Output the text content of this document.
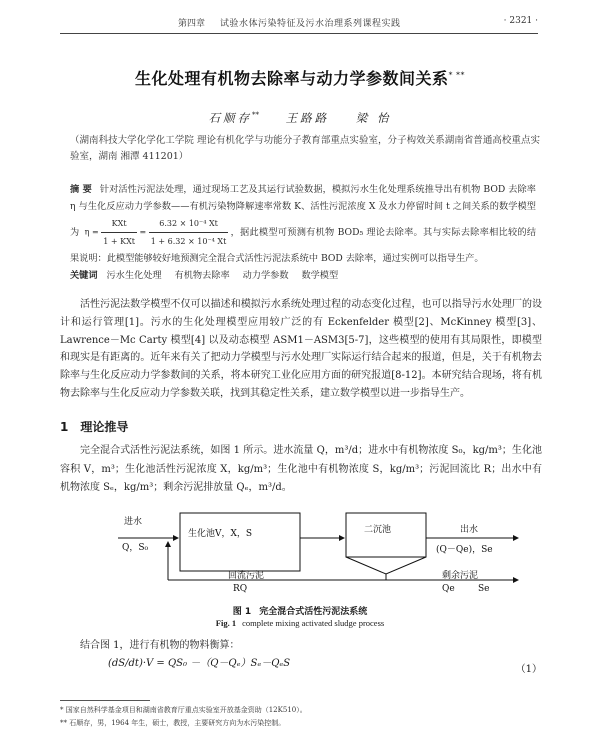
第四章 试验水体污染特征及污水治理系列课程实践	· 2321 ·
生化处理有机物去除率与动力学参数间关系* **
石顺存** 王路路 梁 怡
（湖南科技大学化学化工学院 理论有机化学与功能分子教育部重点实验室，分子构效关系湖南省普通高校重点实验室，湖南 湘潭 411201）

摘 要 针对活性污泥法处理，通过现场工艺及其运行试验数据，模拟污水生化处理系统推导出有机物 BOD 去除率 η 与生化反应动力学参数——有机污染物降解速率常数 K、活性污泥浓度 X 及水力停留时间 t 之间关系的数学模型为 $\eta = \frac{\text{KXt}}{\text{1 + KXt}} = \frac{\text{6.32 × 10⁻⁴ Xt}}{\text{1 + 6.32 × 10⁻⁴ Xt}}$ ，据此模型可预测有机物 BOD₅ 理论去除率。其与实际去除率相比较的结果说明：此模型能够较好地预测完全混合式活性污泥法系统中 BOD 去除率，通过实例可以指导生产。

关键词 污水生化处理 有机物去除率 动力学参数 数学模型

活性污泥法数学模型不仅可以描述和模拟污水系统处理过程的动态变化过程，也可以指导污水处理厂的设计和运行管理[1]。污水的生化处理模型应用较广泛的有 Eckenfelder 模型[2]、McKinney 模型[3]、Lawrence－Mc Carty 模型[4] 以及动态模型 ASM1－ASM3[5-7]，这些模型的使用有其局限性，即模型和现实是有距离的。近年来有关了把动力学模型与污水处理厂实际运行结合起来的报道，但是，关于有机物去除率与生化反应动力学参数间的关系，将本研究工业化应用方面的研究报道[8-12]。本研究结合现场，将有机物去除率与生化反应动力学参数关联，找到其稳定性关系，建立数学模型以进一步指导生产。

1 理论推导

完全混合式活性污泥法系统，如图 1 所示。进水流量 Q，m³/d；进水中有机物浓度 S₀，kg/m³；生化池容积 V，m³；生化池活性污泥浓度 X，kg/m³；生化池中有机物浓度 S，kg/m³；污泥回流比 R；出水中有机物浓度 Sₑ，kg/m³；剩余污泥排放量 Qₑ，m³/d。

进水
Q，S₀
生化池V，X，S	二沉池	出水
(Q－Qe)，Se
回流污泥
RQ
剩余污泥
Qe	Se
图 1 完全混合式活性污泥法系统
Fig. 1 complete mixing activated sludge process
结合图 1，进行有机物的物料衡算：
(dS/dt)·V = QS₀ －（Q－Qₑ）Sₑ－QₑS
（1）
* 国家自然科学基金项目和湖南省教育厅重点实验室开放基金资助（12K510）。
** 石顺存，男，1964 年生，硕士，教授，主要研究方向为水污染控制。
